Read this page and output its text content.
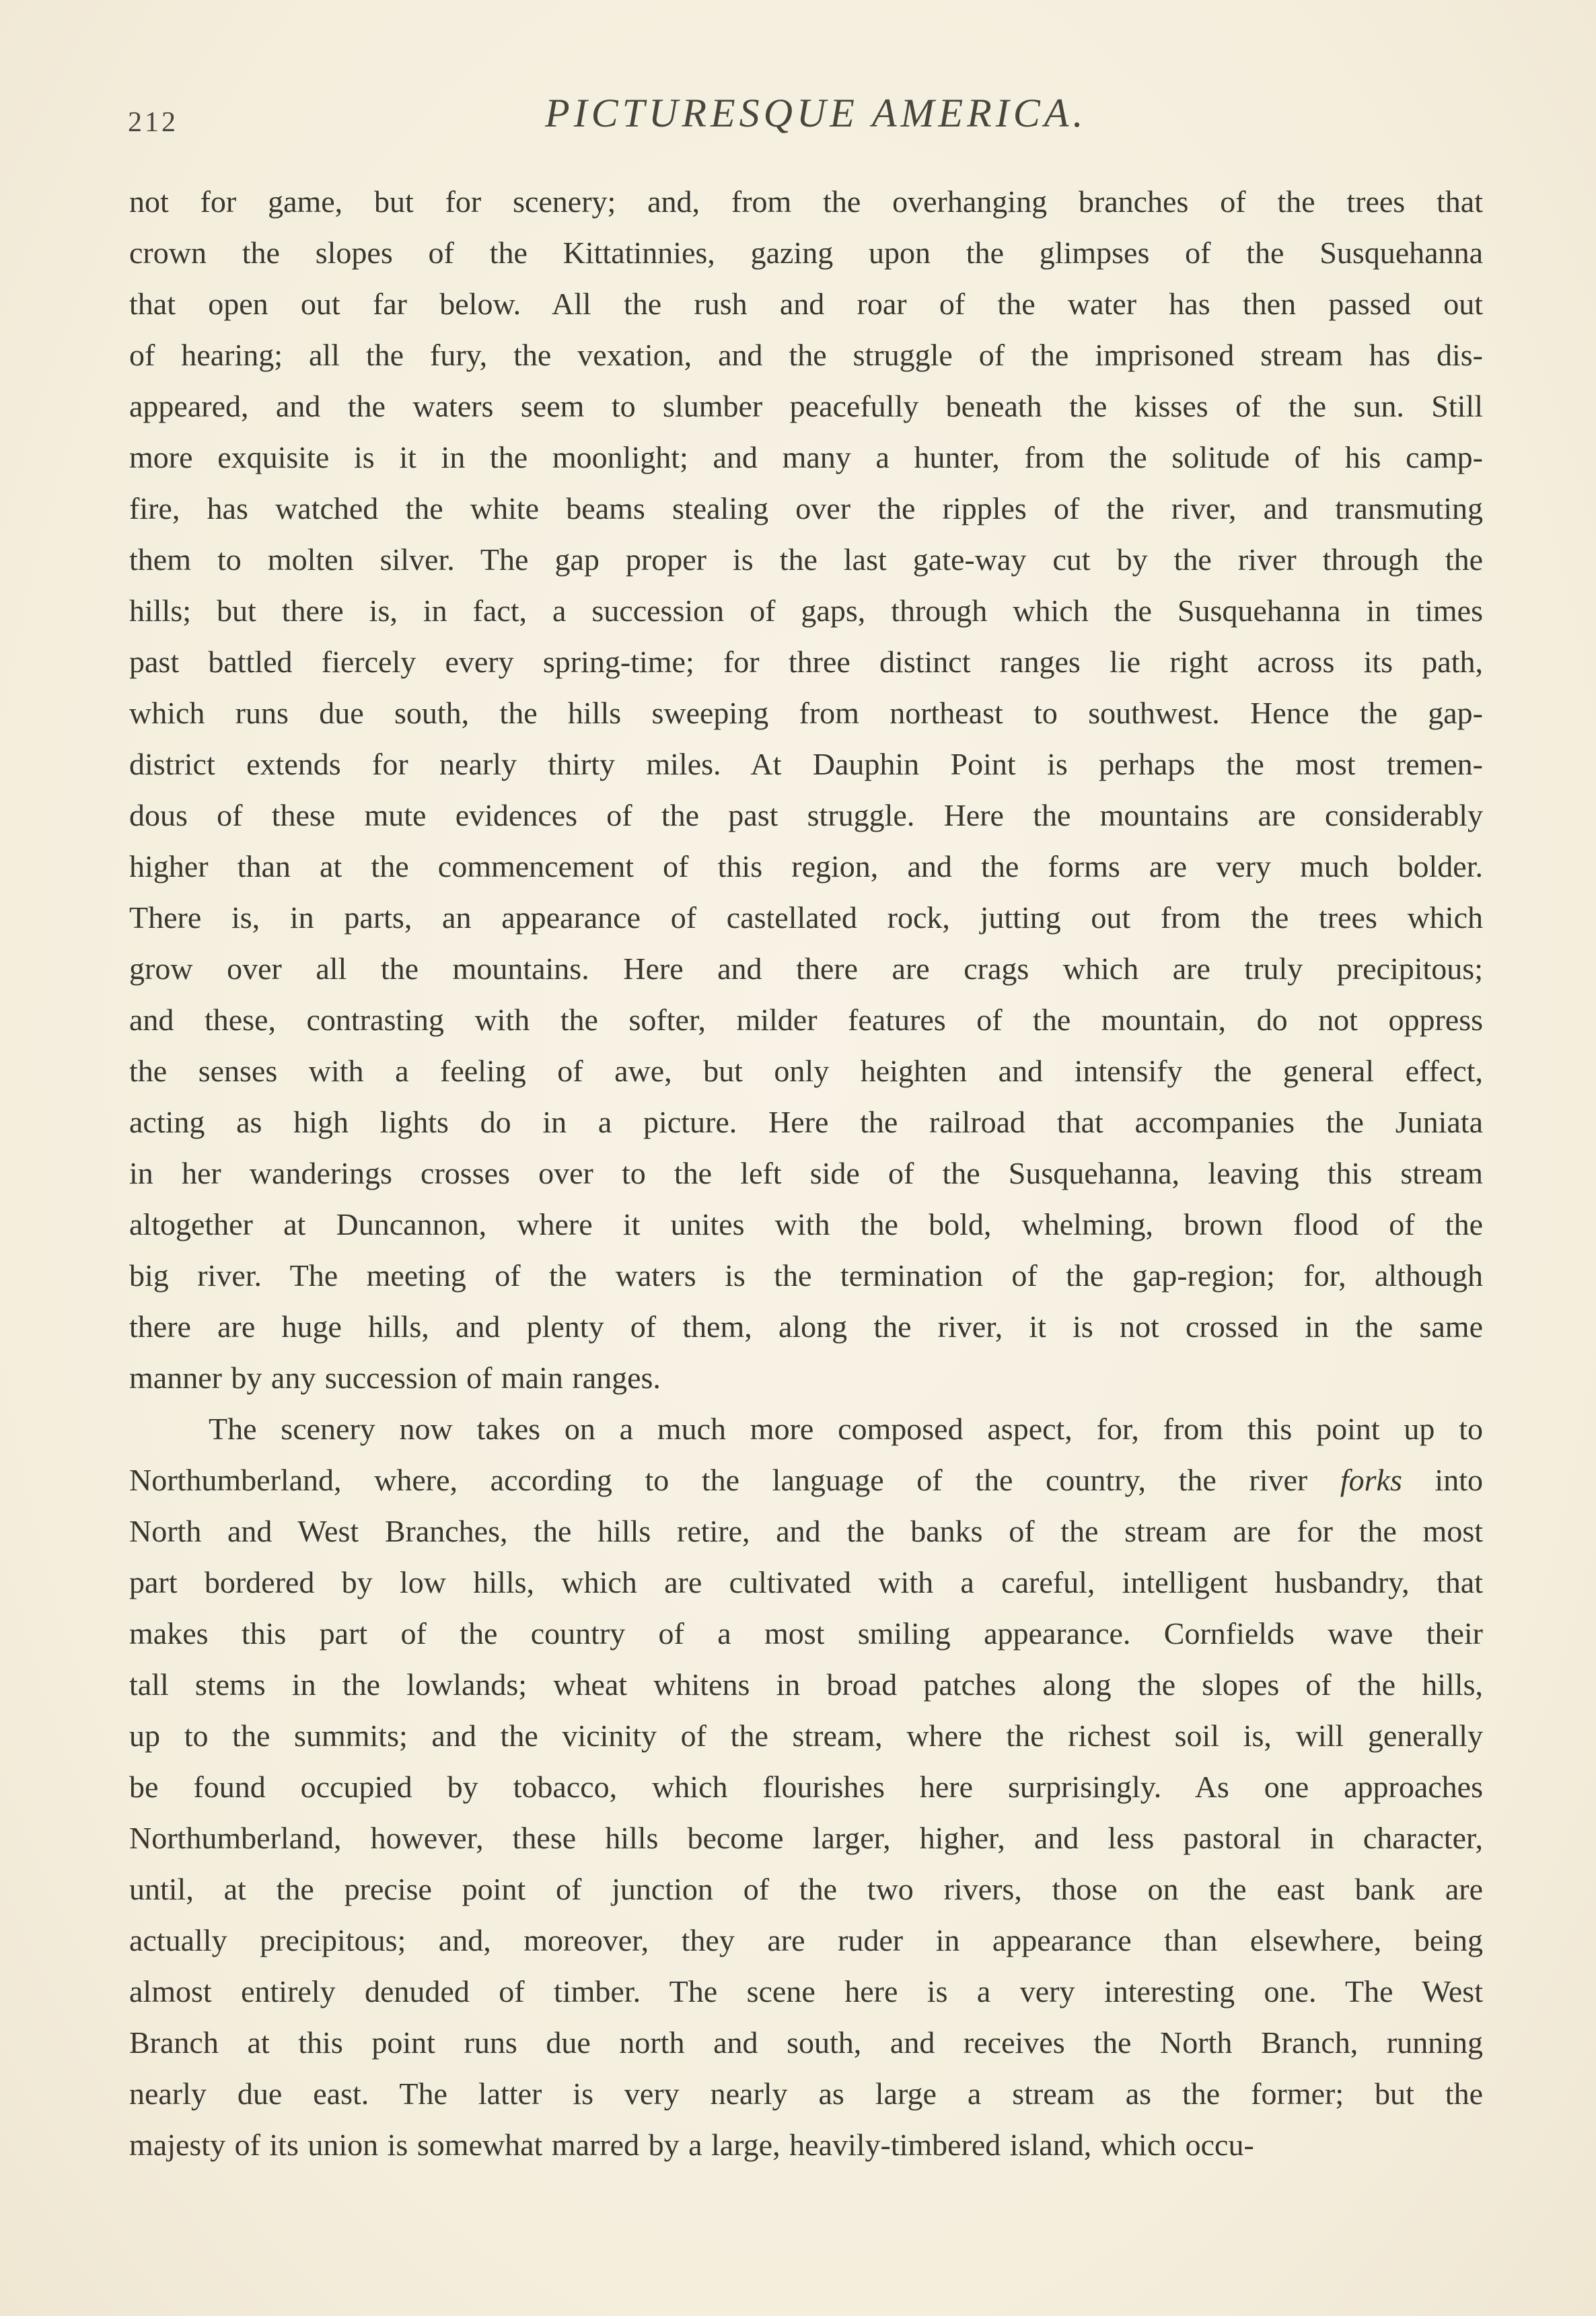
212	PICTURESQUE AMERICA.
not for game, but for scenery; and, from the overhanging branches of the trees that
crown the slopes of the Kittatinnies, gazing upon the glimpses of the Susquehanna
that open out far below. All the rush and roar of the water has then passed out
of hearing; all the fury, the vexation, and the struggle of the imprisoned stream has dis-
appeared, and the waters seem to slumber peacefully beneath the kisses of the sun. Still
more exquisite is it in the moonlight; and many a hunter, from the solitude of his camp-
fire, has watched the white beams stealing over the ripples of the river, and transmuting
them to molten silver. The gap proper is the last gate-way cut by the river through the
hills; but there is, in fact, a succession of gaps, through which the Susquehanna in times
past battled fiercely every spring-time; for three distinct ranges lie right across its path,
which runs due south, the hills sweeping from northeast to southwest. Hence the gap-
district extends for nearly thirty miles. At Dauphin Point is perhaps the most tremen-
dous of these mute evidences of the past struggle. Here the mountains are considerably
higher than at the commencement of this region, and the forms are very much bolder.
There is, in parts, an appearance of castellated rock, jutting out from the trees which
grow over all the mountains. Here and there are crags which are truly precipitous;
and these, contrasting with the softer, milder features of the mountain, do not oppress
the senses with a feeling of awe, but only heighten and intensify the general effect,
acting as high lights do in a picture. Here the railroad that accompanies the Juniata
in her wanderings crosses over to the left side of the Susquehanna, leaving this stream
altogether at Duncannon, where it unites with the bold, whelming, brown flood of the
big river. The meeting of the waters is the termination of the gap-region; for, although
there are huge hills, and plenty of them, along the river, it is not crossed in the same
manner by any succession of main ranges.
The scenery now takes on a much more composed aspect, for, from this point up to
Northumberland, where, according to the language of the country, the river forks into
North and West Branches, the hills retire, and the banks of the stream are for the most
part bordered by low hills, which are cultivated with a careful, intelligent husbandry, that
makes this part of the country of a most smiling appearance. Cornfields wave their
tall stems in the lowlands; wheat whitens in broad patches along the slopes of the hills,
up to the summits; and the vicinity of the stream, where the richest soil is, will generally
be found occupied by tobacco, which flourishes here surprisingly. As one approaches
Northumberland, however, these hills become larger, higher, and less pastoral in character,
until, at the precise point of junction of the two rivers, those on the east bank are
actually precipitous; and, moreover, they are ruder in appearance than elsewhere, being
almost entirely denuded of timber. The scene here is a very interesting one. The West
Branch at this point runs due north and south, and receives the North Branch, running
nearly due east. The latter is very nearly as large a stream as the former; but the
majesty of its union is somewhat marred by a large, heavily-timbered island, which occu-
